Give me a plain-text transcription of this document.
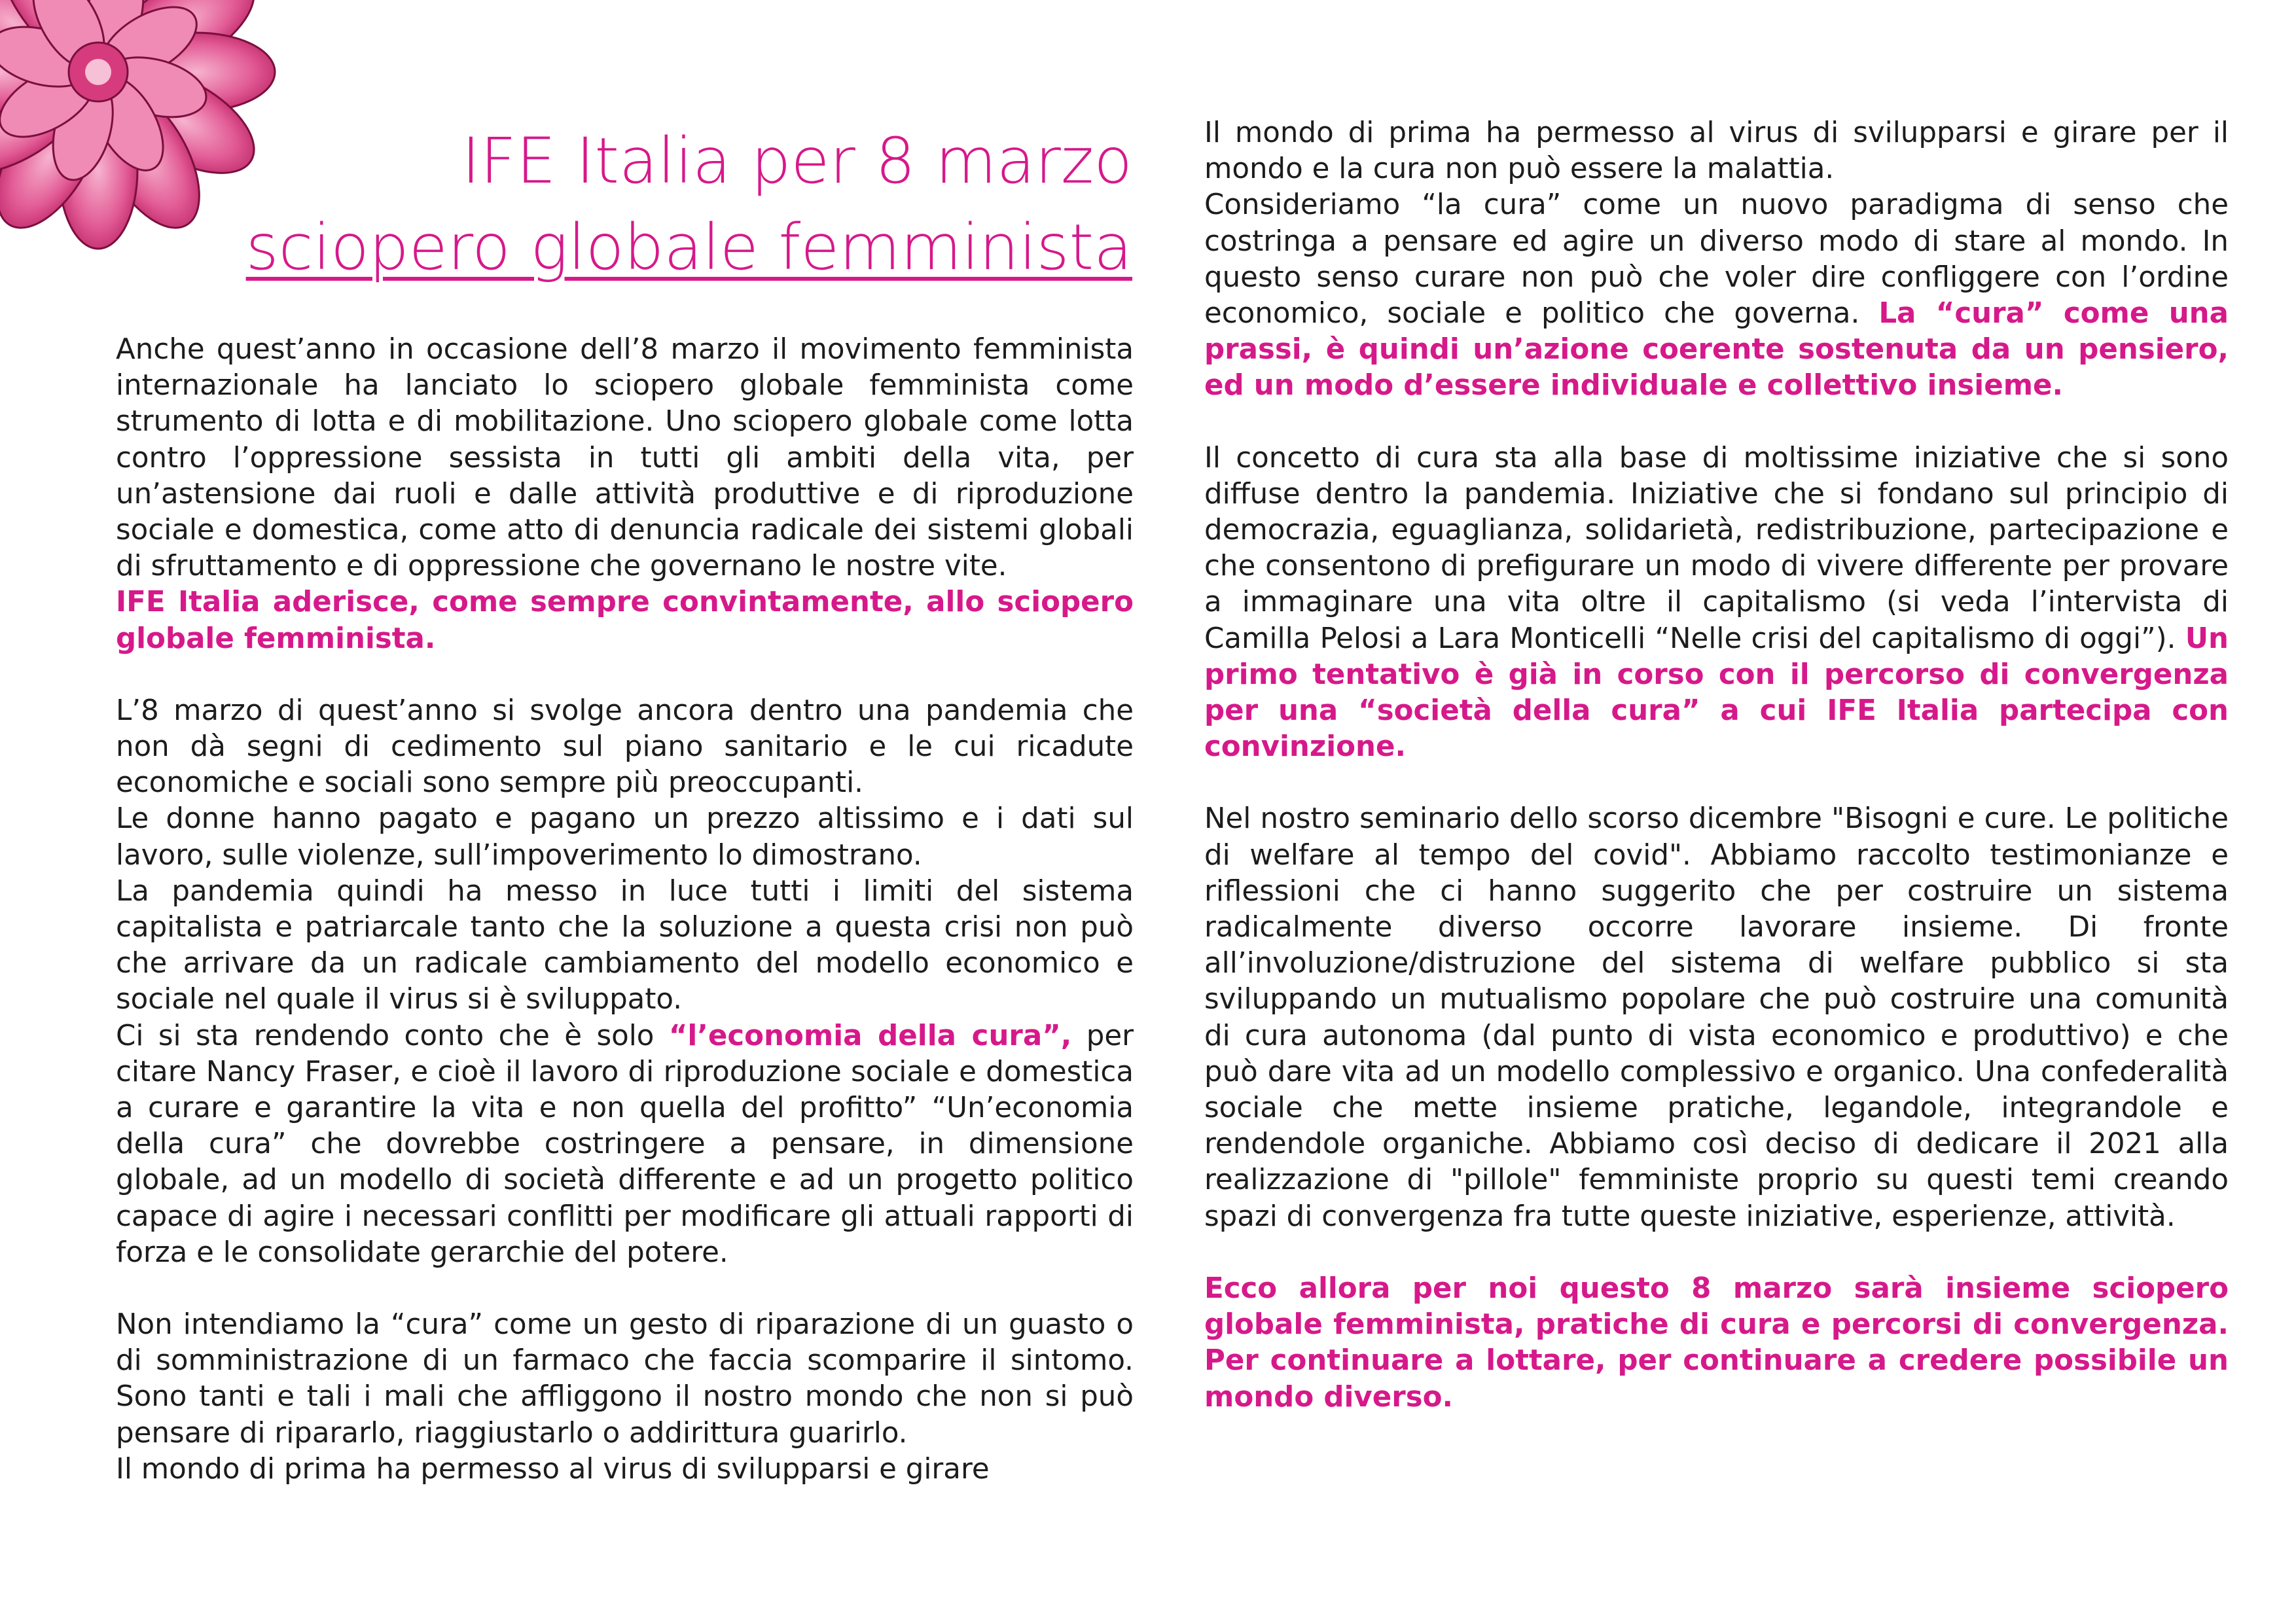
IFE Italia per 8 marzo
sciopero globale femminista

Anche quest’anno in occasione dell’8 marzo il movimento femminista internazionale ha lanciato lo sciopero globale femminista come strumento di lotta e di mobilitazione. Uno sciopero globale come lotta contro l’oppressione sessista in tutti gli ambiti della vita, per un’astensione dai ruoli e dalle attività produttive e di riproduzione sociale e domestica, come atto di denuncia radicale dei sistemi globali di sfruttamento e di oppressione che governano le nostre vite.

IFE Italia aderisce, come sempre convintamente, allo sciopero globale femminista.

L’8 marzo di quest’anno si svolge ancora dentro una pandemia che non dà segni di cedimento sul piano sanitario e le cui ricadute economiche e sociali sono sempre più preoccupanti.

Le donne hanno pagato e pagano un prezzo altissimo e i dati sul lavoro, sulle violenze, sull’impoverimento lo dimostrano.

La pandemia quindi ha messo in luce tutti i limiti del sistema capitalista e patriarcale tanto che la soluzione a questa crisi non può che arrivare da un radicale cambiamento del modello economico e sociale nel quale il virus si è sviluppato.

Ci si sta rendendo conto che è solo “l’economia della cura”, per citare Nancy Fraser, e cioè il lavoro di riproduzione sociale e domestica a curare e garantire la vita e non quella del profitto” “Un’economia della cura” che dovrebbe costringere a pensare, in dimensione globale, ad un modello di società differente e ad un progetto politico capace di agire i necessari conflitti per modificare gli attuali rapporti di forza e le consolidate gerarchie del potere.

Non intendiamo la “cura” come un gesto di riparazione di un guasto o di somministrazione di un farmaco che faccia scomparire il sintomo. Sono tanti e tali i mali che affliggono il nostro mondo che non si può pensare di ripararlo, riaggiustarlo o addirittura guarirlo.

Il mondo di prima ha permesso al virus di svilupparsi e girare

Il mondo di prima ha permesso al virus di svilupparsi e girare per il mondo e la cura non può essere la malattia.

Consideriamo “la cura” come un nuovo paradigma di senso che costringa a pensare ed agire un diverso modo di stare al mondo. In questo senso curare non può che voler dire confliggere con l’ordine economico, sociale e politico che governa. La “cura” come una prassi, è quindi un’azione coerente sostenuta da un pensiero, ed un modo d’essere individuale e collettivo insieme.

Il concetto di cura sta alla base di moltissime iniziative che si sono diffuse dentro la pandemia. Iniziative che si fondano sul principio di democrazia, eguaglianza, solidarietà, redistribuzione, partecipazione e che consentono di prefigurare un modo di vivere differente per provare a immaginare una vita oltre il capitalismo (si veda l’intervista di Camilla Pelosi a Lara Monticelli “Nelle crisi del capitalismo di oggi”). Un primo tentativo è già in corso con il percorso di convergenza per una “società della cura” a cui IFE Italia partecipa con convinzione.

Nel nostro seminario dello scorso dicembre "Bisogni e cure. Le politiche di welfare al tempo del covid". Abbiamo raccolto testimonianze e riflessioni che ci hanno suggerito che per costruire un sistema radicalmente diverso occorre lavorare insieme. Di fronte all’involuzione/distruzione del sistema di welfare pubblico si sta sviluppando un mutualismo popolare che può costruire una comunità di cura autonoma (dal punto di vista economico e produttivo) e che può dare vita ad un modello complessivo e organico. Una confederalità sociale che mette insieme pratiche, legandole, integrandole e rendendole organiche. Abbiamo così deciso di dedicare il 2021 alla realizzazione di "pillole" femministe proprio su questi temi creando spazi di convergenza fra tutte queste iniziative, esperienze, attività.

Ecco allora per noi questo 8 marzo sarà insieme sciopero globale femminista, pratiche di cura e percorsi di convergenza. Per continuare a lottare, per continuare a credere possibile un mondo diverso.
